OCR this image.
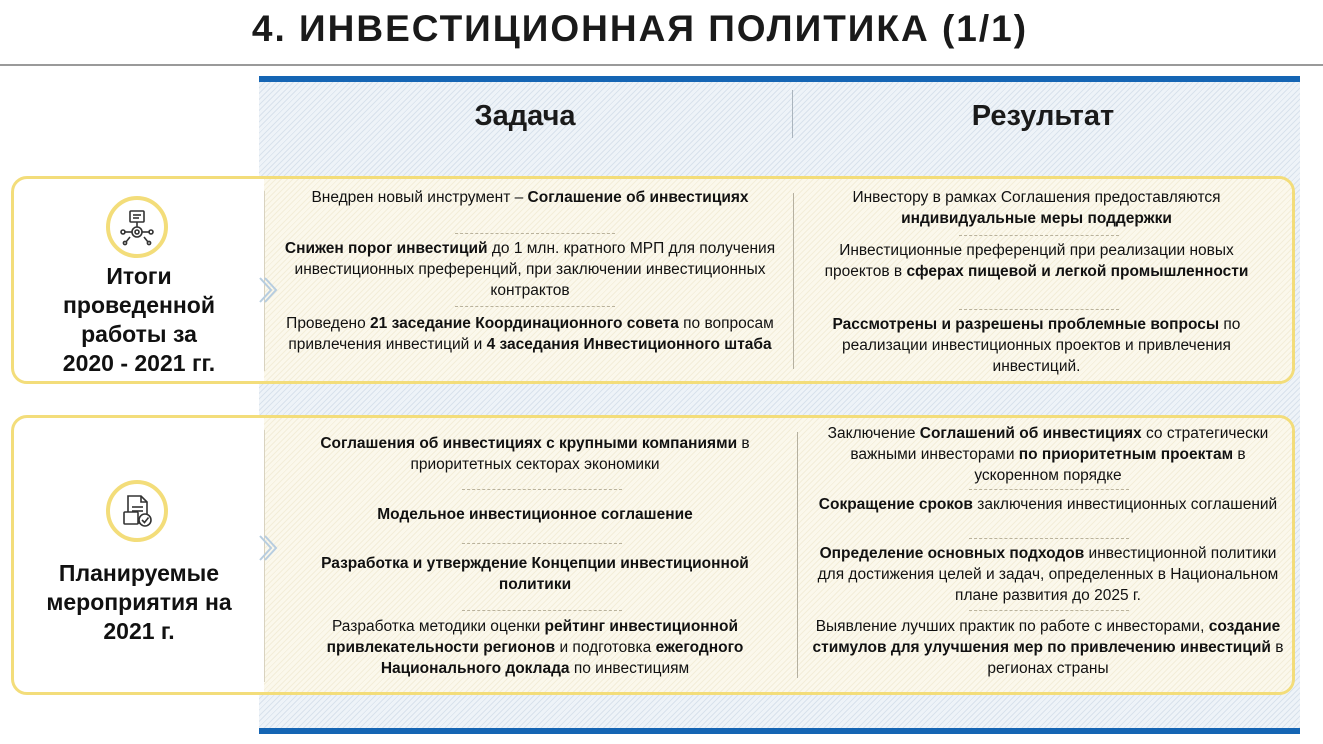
4. ИНВЕСТИЦИОННАЯ ПОЛИТИКА (1/1)
Задача	Результат
Итоги
проведенной
работы за
2020 - 2021 гг.
Внедрен новый инструмент – Соглашение об инвестициях
Снижен порог инвестиций до 1 млн. кратного МРП для получения инвестиционных преференций, при заключении инвестиционных контрактов
Проведено 21 заседание Координационного совета по вопросам привлечения инвестиций и 4 заседания Инвестиционного штаба
Инвестору в рамках Соглашения предоставляются индивидуальные меры поддержки
Инвестиционные преференций при реализации новых проектов в сферах пищевой и легкой промышленности
Рассмотрены и разрешены проблемные вопросы по реализации инвестиционных проектов и привлечения инвестиций.
Планируемые
мероприятия на
2021 г.
Соглашения об инвестициях с крупными компаниями в приоритетных секторах экономики
Модельное инвестиционное соглашение
Разработка и утверждение Концепции инвестиционной политики
Разработка методики оценки рейтинг инвестиционной привлекательности регионов и подготовка ежегодного Национального доклада по инвестициям
Заключение Соглашений об инвестициях со стратегически важными инвесторами по приоритетным проектам в ускоренном порядке
Сокращение сроков заключения инвестиционных соглашений
Определение основных подходов инвестиционной политики для достижения целей и задач, определенных в Национальном плане развития до 2025 г.
Выявление лучших практик по работе с инвесторами, создание стимулов для улучшения мер по привлечению инвестиций в регионах страны
